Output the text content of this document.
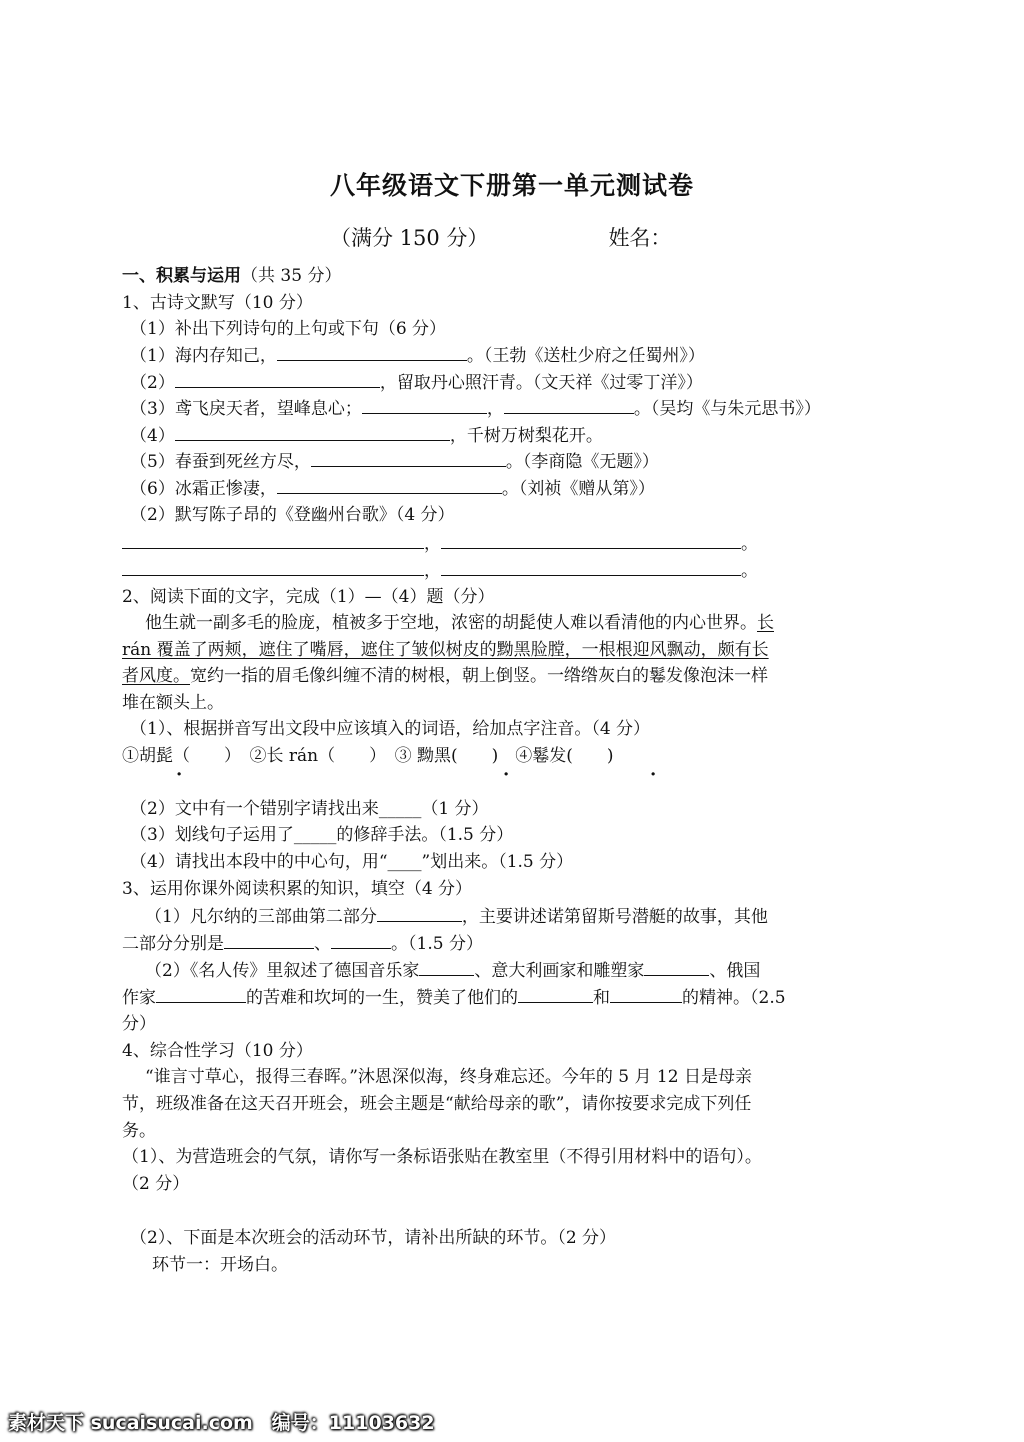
八年级语文下册第一单元测试卷
（满分 150 分）	姓名：
一、积累与运用（共 35 分）
1、古诗文默写（10 分）
（1）补出下列诗句的上句或下句（6 分）
（1）海内存知己，	。（王勃《送杜少府之任蜀州》）
（2）	，留取丹心照汗青。（文天祥《过零丁洋》）
（3）鸢飞戾天者，望峰息心；	，	。（吴均《与朱元思书》）
（4）	，千树万树梨花开。
（5）春蚕到死丝方尽，	。（李商隐《无题》）
（6）冰霜正惨凄，	。（刘祯《赠从第》）
（2）默写陈子昂的《登幽州台歌》（4 分）
，	。
，	。
2、阅读下面的文字，完成（1）—（4）题（分）
他生就一副多毛的脸庞，植被多于空地，浓密的胡髭使人难以看清他的内心世界。长
rán 覆盖了两颊，遮住了嘴唇，遮住了皱似树皮的黝黑脸膛，一根根迎风飘动，颇有长
者风度。宽约一指的眉毛像纠缠不清的树根，朝上倒竖。一绺绺灰白的鬈发像泡沫一样
堆在额头上。
（1）、根据拼音写出文段中应该填入的词语，给加点字注音。（4 分）
①胡髭（　　）　②长 rán（　　）　③ 黝黑(　　)　④鬈发(　　)
·	·	·
（2）文中有一个错别字请找出来_____（1 分）
（3）划线句子运用了_____的修辞手法。（1.5 分）
（4）请找出本段中的中心句，用“____”划出来。（1.5 分）
3、运用你课外阅读积累的知识，填空（4 分）
（1）凡尔纳的三部曲第二部分	，主要讲述诺第留斯号潜艇的故事，其他
二部分分别是	、	。（1.5 分）
（2）《名人传》里叙述了德国音乐家	、意大利画家和雕塑家	、俄国
作家	的苦难和坎坷的一生，赞美了他们的	和	的精神。（2.5
分）
4、综合性学习（10 分）
“谁言寸草心，报得三春晖。”沐恩深似海，终身难忘还。今年的 5 月 12 日是母亲
节，班级准备在这天召开班会，班会主题是“献给母亲的歌”，请你按要求完成下列任
务。
（1）、为营造班会的气氛，请你写一条标语张贴在教室里（不得引用材料中的语句）。
（2 分）
（2）、下面是本次班会的活动环节，请补出所缺的环节。（2 分）
环节一：开场白。
素材天下 sucaisucai.com　编号：11103632
